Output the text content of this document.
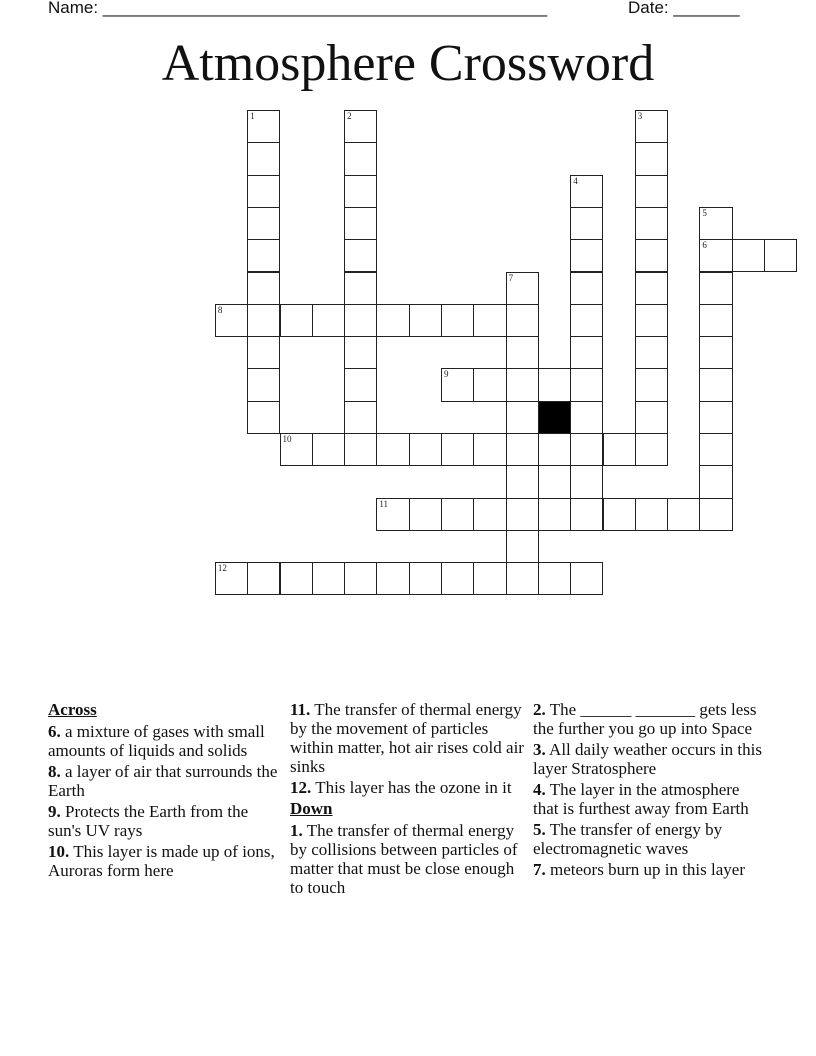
Name: _______________________________________________	Date: _______
Atmosphere Crossword
1	2	3
4
5
6
7
8
9
10
11
12
Across
6. a mixture of gases with small amounts of liquids and solids
8. a layer of air that surrounds the Earth
9. Protects the Earth from the sun's UV rays
10. This layer is made up of ions, Auroras form here
11. The transfer of thermal energy by the movement of particles within matter, hot air rises cold air sinks
12. This layer has the ozone in it
Down
1. The transfer of thermal energy by collisions between particles of matter that must be close enough to touch
2. The ______ _______ gets less the further you go up into Space
3. All daily weather occurs in this layer Stratosphere
4. The layer in the atmosphere that is furthest away from Earth
5. The transfer of energy by electromagnetic waves
7. meteors burn up in this layer
